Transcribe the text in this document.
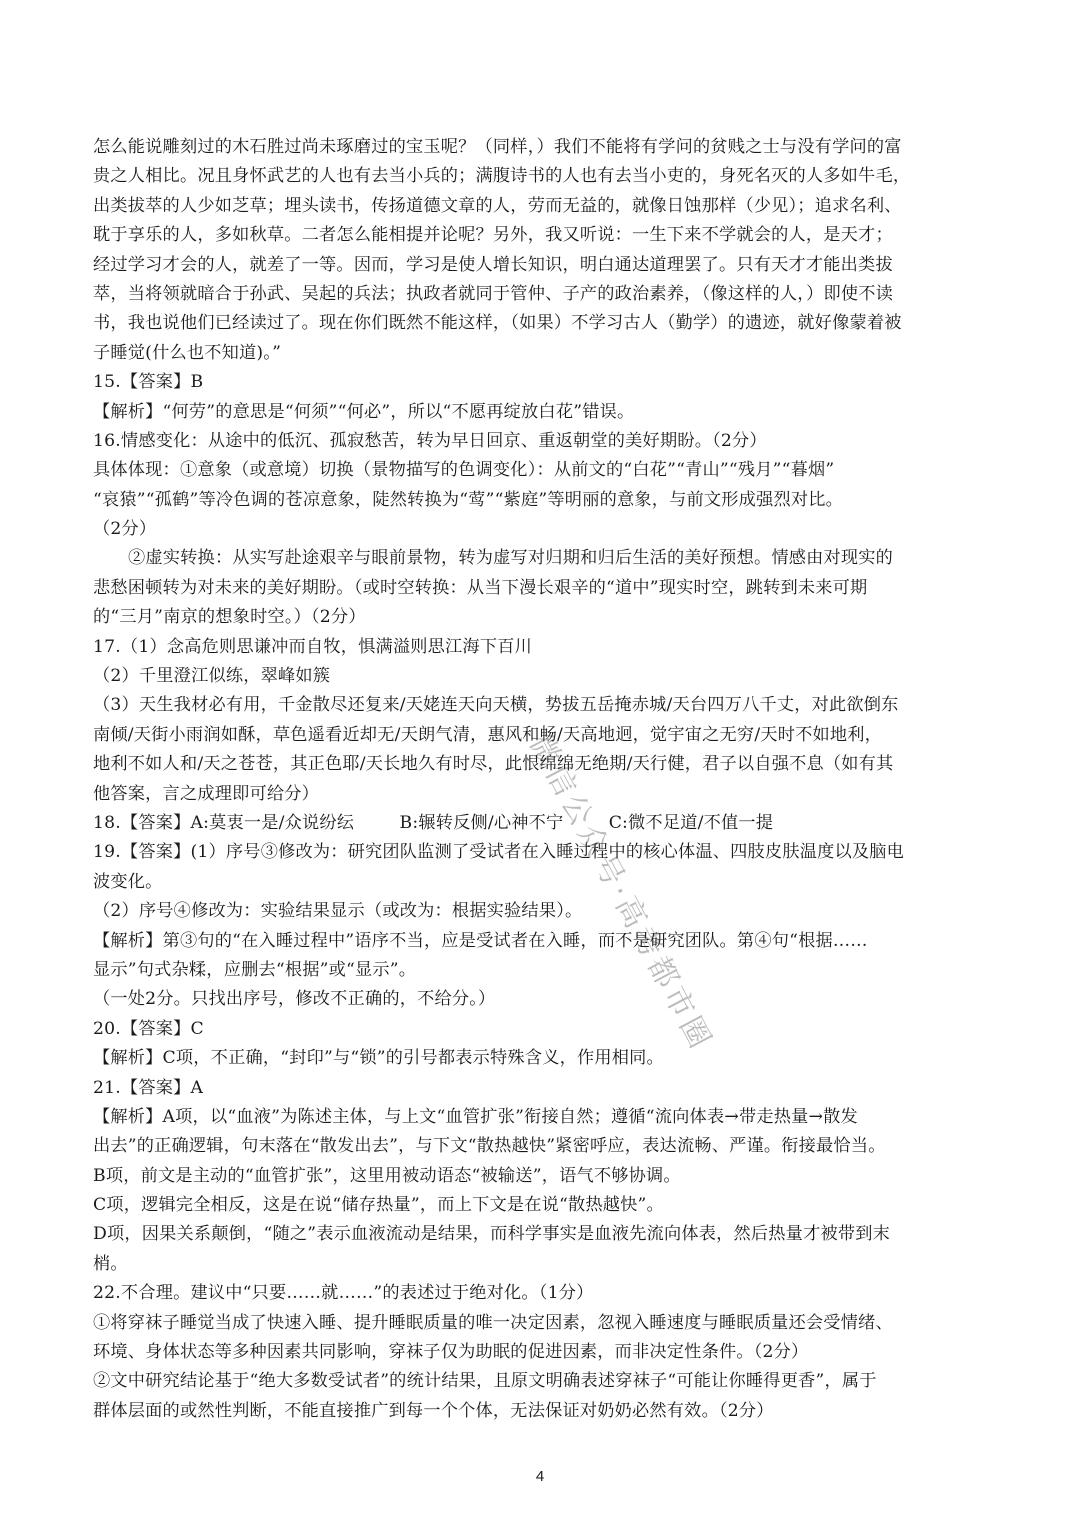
怎么能说雕刻过的木石胜过尚未琢磨过的宝玉呢？（同样，）我们不能将有学问的贫贱之士与没有学问的富
贵之人相比。况且身怀武艺的人也有去当小兵的；满腹诗书的人也有去当小吏的，身死名灭的人多如牛毛，
出类拔萃的人少如芝草；埋头读书，传扬道德文章的人，劳而无益的，就像日蚀那样（少见）；追求名利、
耽于享乐的人，多如秋草。二者怎么能相提并论呢？另外，我又听说：一生下来不学就会的人，是天才；
经过学习才会的人，就差了一等。因而，学习是使人增长知识，明白通达道理罢了。只有天才才能出类拔
萃，当将领就暗合于孙武、吴起的兵法；执政者就同于管仲、子产的政治素养，（像这样的人，）即使不读
书，我也说他们已经读过了。现在你们既然不能这样，（如果）不学习古人（勤学）的遗迹，就好像蒙着被
子睡觉(什么也不知道)。”
15.【答案】B
【解析】“何劳”的意思是“何须”“何必”，所以“不愿再绽放白花”错误。
16.情感变化：从途中的低沉、孤寂愁苦，转为早日回京、重返朝堂的美好期盼。（2分）
具体体现：①意象（或意境）切换（景物描写的色调变化）：从前文的“白花”“青山”“残月”“暮烟”
“哀猿”“孤鹤”等冷色调的苍凉意象，陡然转换为“莺”“紫庭”等明丽的意象，与前文形成强烈对比。
（2分）
②虚实转换：从实写赴途艰辛与眼前景物，转为虚写对归期和归后生活的美好预想。情感由对现实的
悲愁困顿转为对未来的美好期盼。（或时空转换：从当下漫长艰辛的“道中”现实时空，跳转到未来可期
的“三月”南京的想象时空。）（2分）
17.（1）念高危则思谦冲而自牧，惧满溢则思江海下百川
（2）千里澄江似练，翠峰如簇
（3）天生我材必有用，千金散尽还复来/天姥连天向天横，势拔五岳掩赤城/天台四万八千丈，对此欲倒东
南倾/天街小雨润如酥，草色遥看近却无/天朗气清，惠风和畅/天高地迥，觉宇宙之无穷/天时不如地利，
地利不如人和/天之苍苍，其正色耶/天长地久有时尽，此恨绵绵无绝期/天行健，君子以自强不息（如有其
他答案，言之成理即可给分）
18.【答案】A:莫衷一是/众说纷纭        B:辗转反侧/心神不宁        C:微不足道/不值一提
19.【答案】(1）序号③修改为：研究团队监测了受试者在入睡过程中的核心体温、四肢皮肤温度以及脑电
波变化。
（2）序号④修改为：实验结果显示（或改为：根据实验结果）。
【解析】第③句的“在入睡过程中”语序不当，应是受试者在入睡，而不是研究团队。第④句“根据……
显示”句式杂糅，应删去“根据”或“显示”。
（一处2分。只找出序号，修改不正确的，不给分。）
20.【答案】C
【解析】C项，不正确，“封印”与“锁”的引号都表示特殊含义，作用相同。
21.【答案】A
【解析】A项，以“血液”为陈述主体，与上文“血管扩张”衔接自然；遵循“流向体表→带走热量→散发
出去”的正确逻辑，句末落在“散发出去”，与下文“散热越快”紧密呼应，表达流畅、严谨。衔接最恰当。
B项，前文是主动的“血管扩张”，这里用被动语态“被输送”，语气不够协调。
C项，逻辑完全相反，这是在说“储存热量”，而上下文是在说“散热越快”。
D项，因果关系颠倒，“随之”表示血液流动是结果，而科学事实是血液先流向体表，然后热量才被带到末
梢。
22.不合理。建议中“只要……就……”的表述过于绝对化。（1分）
①将穿袜子睡觉当成了快速入睡、提升睡眠质量的唯一决定因素，忽视入睡速度与睡眠质量还会受情绪、
环境、身体状态等多种因素共同影响，穿袜子仅为助眠的促进因素，而非决定性条件。（2分）
②文中研究结论基于“绝大多数受试者”的统计结果，且原文明确表述穿袜子“可能让你睡得更香”，属于
群体层面的或然性判断，不能直接推广到每一个个体，无法保证对奶奶必然有效。（2分）
微信公众号·高考都市圈
4
